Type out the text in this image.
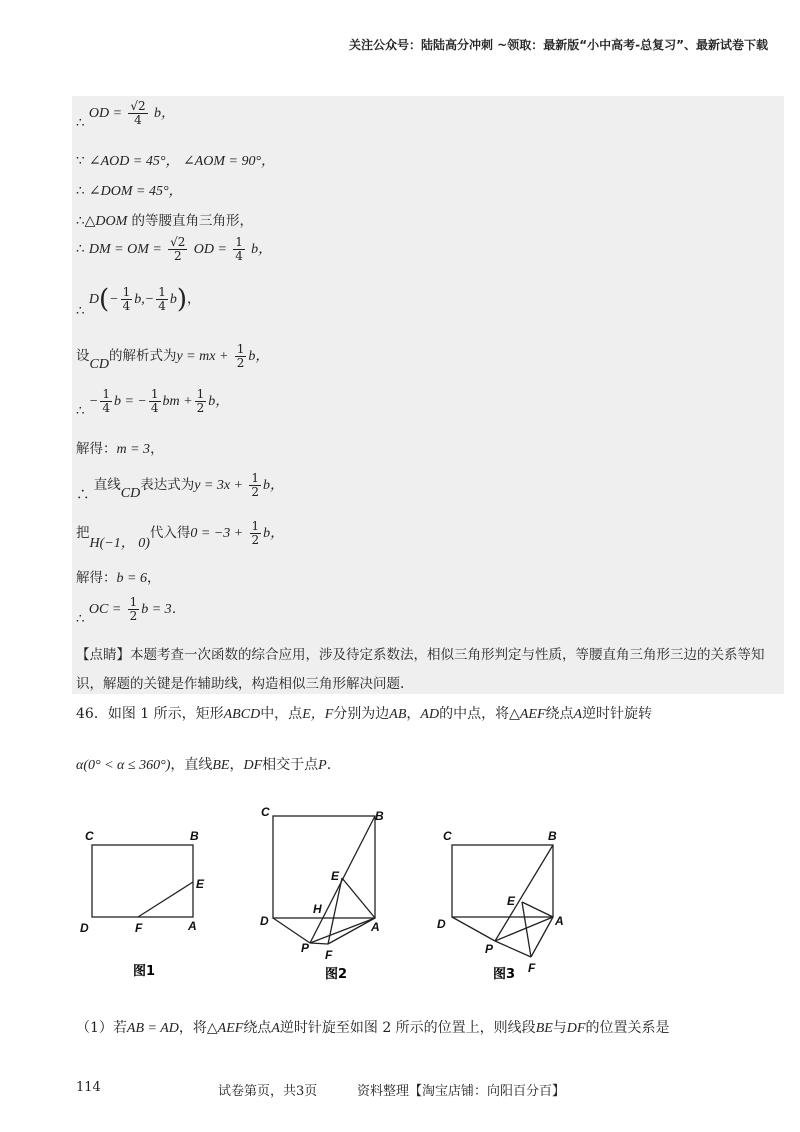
关注公众号：陆陆高分冲刺 ~领取：最新版“小中高考-总复习”、最新试卷下载
∴ OD = $\frac{√2}{4}$ b，
∵ ∠AOD = 45°， ∠AOM = 90°，
∴ ∠DOM = 45°，
∴△DOM 的等腰直角三角形，
∴ DM = OM = $\frac{√2}{2}$ OD = $\frac{1}{4}$ b，
∴ $D(- \frac{1}{4} b,- \frac{1}{4} b)$，
设CD的解析式为y = mx + $\frac{1}{2}$ b，
∴ − $\frac{1}{4}$ b = − $\frac{1}{4}$ bm + $\frac{1}{2}$ b，
解得：m = 3，
∴ 直线CD表达式为$y = 3x + \frac{1}{2}$ b，
把H(−1， 0)代入得$0 = -3 + \frac{1}{2}$ b，
解得：b = 6，
∴ OC = $\frac{1}{2}$ b = 3．
【点睛】本题考查一次函数的综合应用，涉及待定系数法，相似三角形判定与性质，等腰直角三角形三边的关系等知识，解题的关键是作辅助线，构造相似三角形解决问题.
46．如图 1 所示，矩形ABCD中，点E，F分别为边AB，AD的中点，将△AEF绕点A逆时针旋转
α(0° < α ≤ 360°)，直线BE，DF相交于点P.
C	B
E
D	F	A
图1
C	B
E
H
D	A
P F
图2
C	B
E
D	A
P
F
图3
（1）若AB = AD，将△AEF绕点A逆时针旋至如图 2 所示的位置上，则线段BE与DF的位置关系是
114	试卷第页，共3页	资料整理【淘宝店铺：向阳百分百】
